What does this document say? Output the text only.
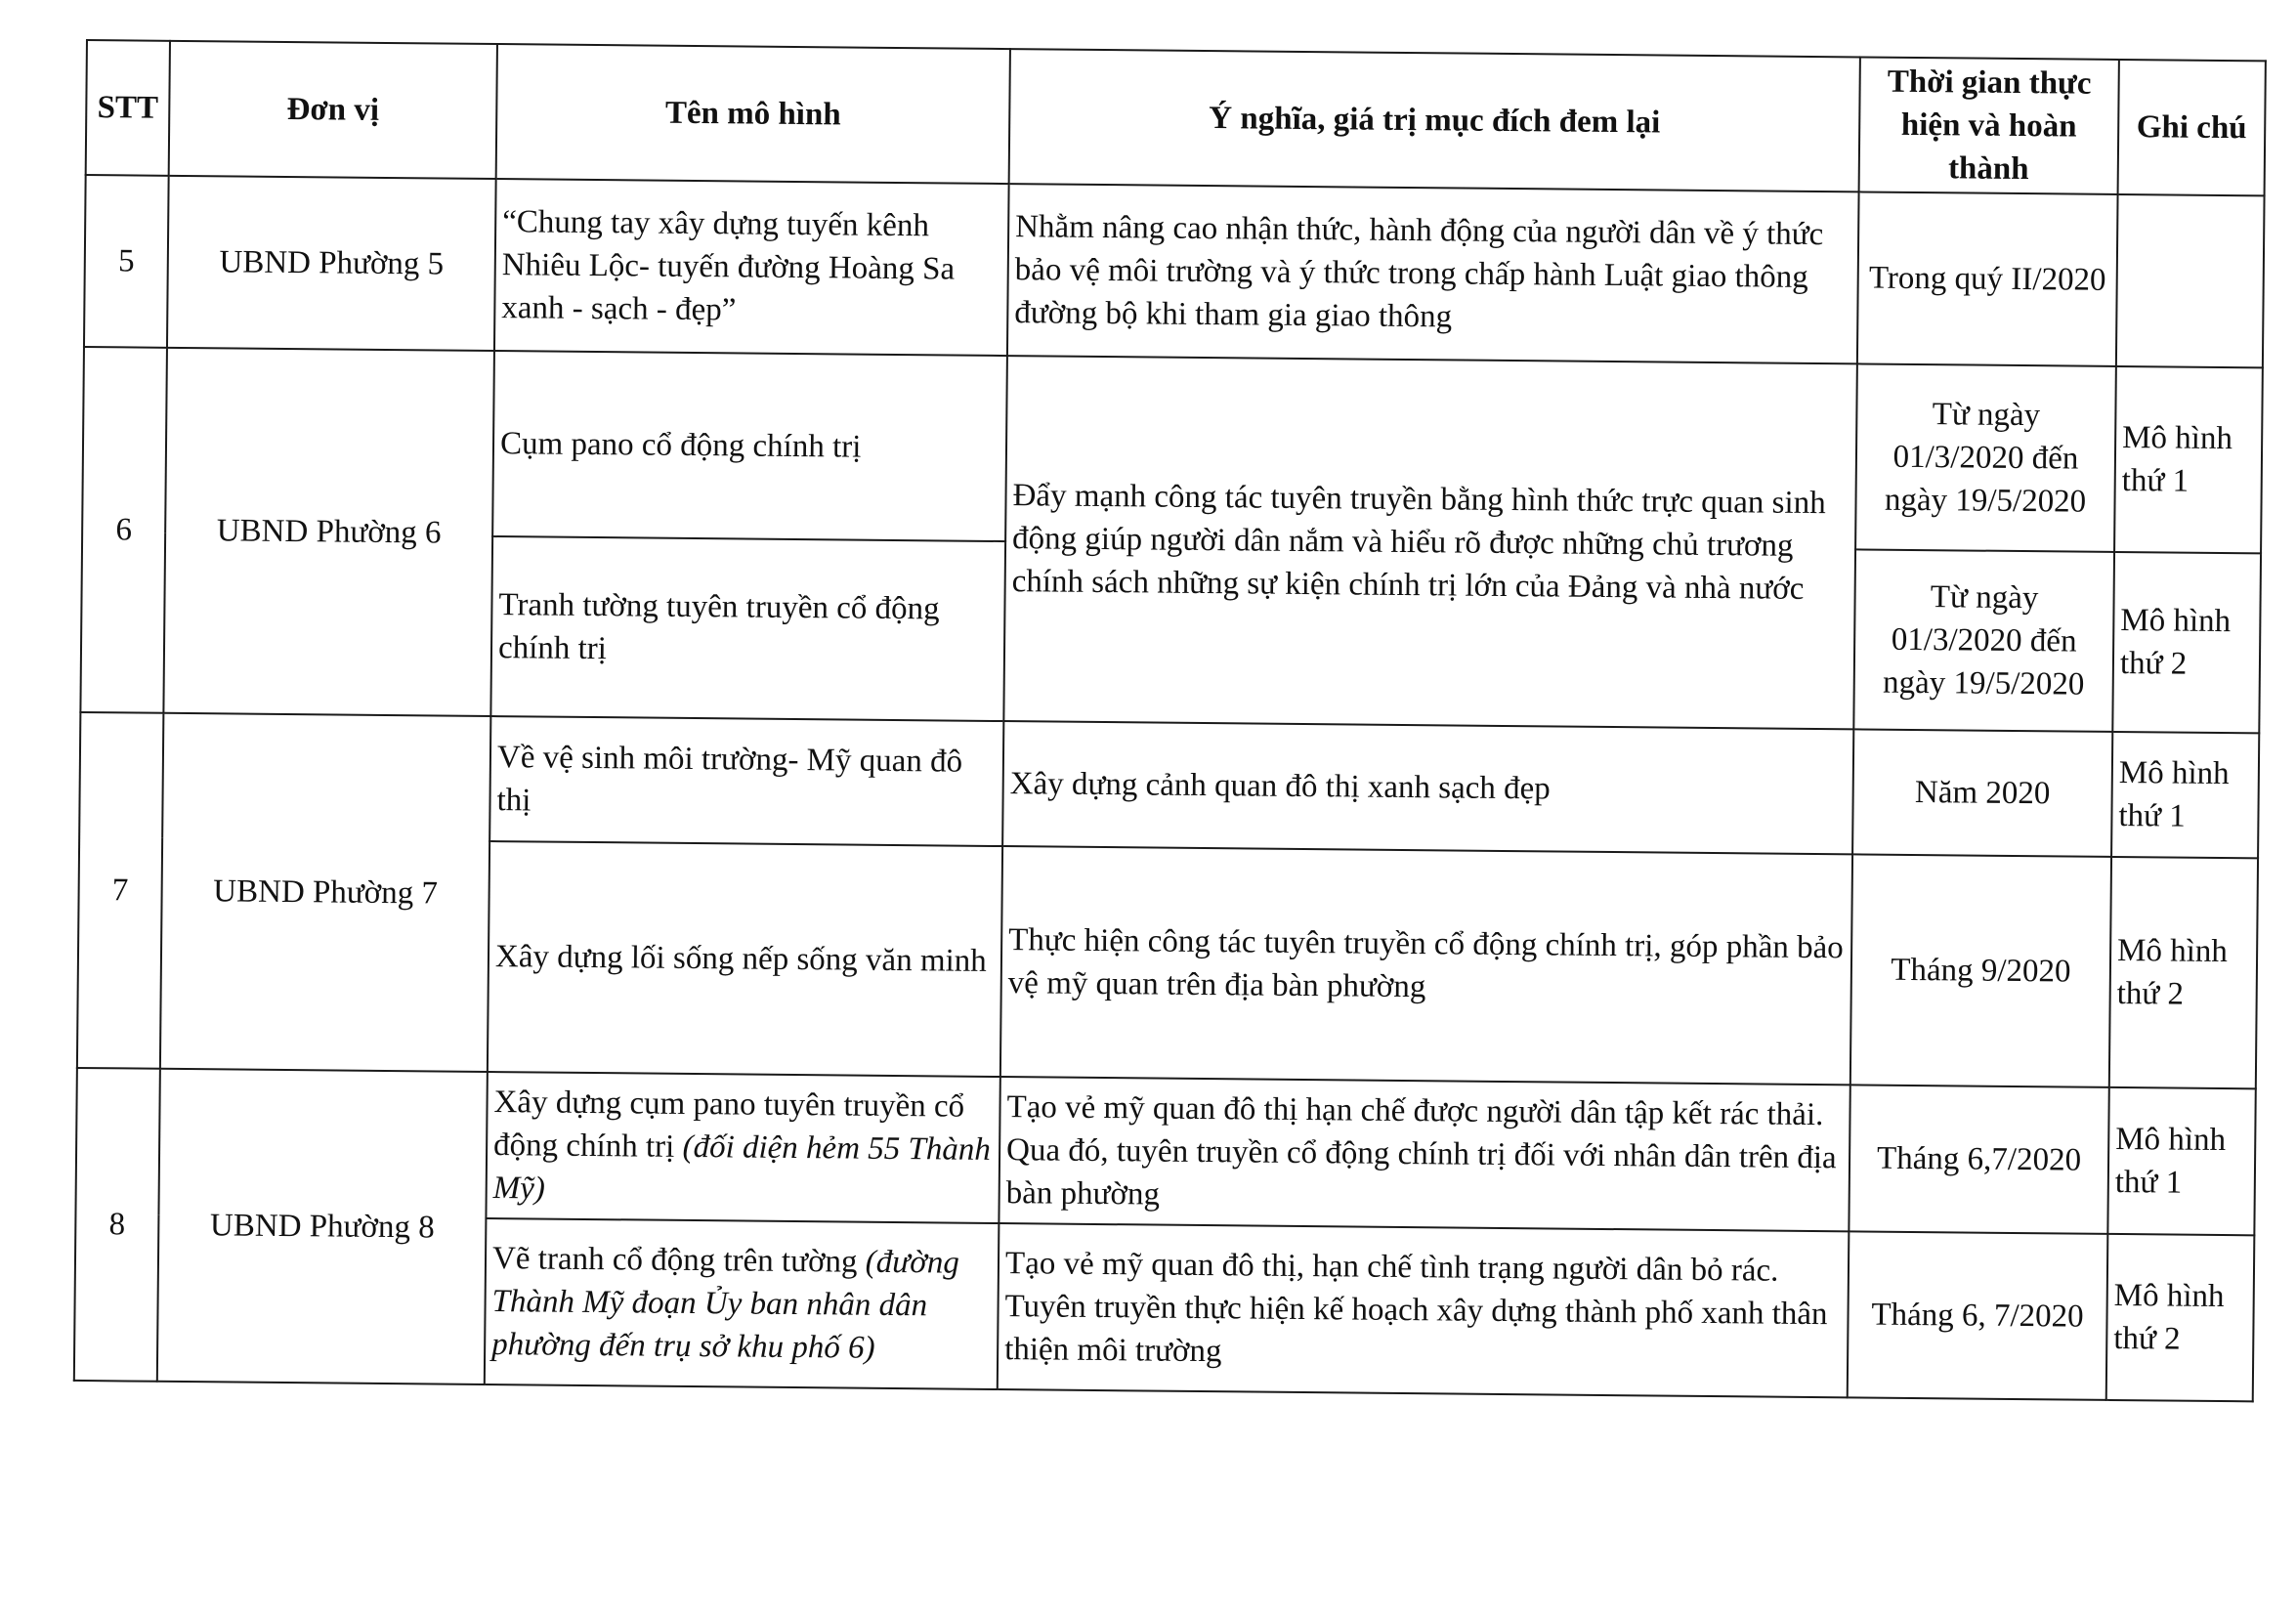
STT	Đơn vị	Tên mô hình	Ý nghĩa, giá trị mục đích đem lại	Thời gian thực hiện và hoàn thành	Ghi chú
5	UBND Phường 5	“Chung tay xây dựng tuyến kênh Nhiêu Lộc- tuyến đường Hoàng Sa xanh - sạch - đẹp”	Nhằm nâng cao nhận thức, hành động của người dân về ý thức bảo vệ môi trường và ý thức trong chấp hành Luật giao thông đường bộ khi tham gia giao thông	Trong quý II/2020	
6	UBND Phường 6	Cụm pano cổ động chính trị	Đẩy mạnh công tác tuyên truyền bằng hình thức trực quan sinh động giúp người dân nắm và hiểu rõ được những chủ trương chính sách những sự kiện chính trị lớn của Đảng và nhà nước	Từ ngày 01/3/2020 đến ngày 19/5/2020	Mô hình thứ 1
		Tranh tường tuyên truyền cổ động chính trị		Từ ngày 01/3/2020 đến ngày 19/5/2020	Mô hình thứ 2
7	UBND Phường 7	Về vệ sinh môi trường- Mỹ quan đô thị	Xây dựng cảnh quan đô thị xanh sạch đẹp	Năm 2020	Mô hình thứ 1
		Xây dựng lối sống nếp sống văn minh	Thực hiện công tác tuyên truyền cổ động chính trị, góp phần bảo vệ mỹ quan trên địa bàn phường	Tháng 9/2020	Mô hình thứ 2
8	UBND Phường 8	Xây dựng cụm pano tuyên truyền cổ động chính trị (đối diện hẻm 55 Thành Mỹ)	Tạo vẻ mỹ quan đô thị hạn chế được người dân tập kết rác thải. Qua đó, tuyên truyền cổ động chính trị đối với nhân dân trên địa bàn phường	Tháng 6,7/2020	Mô hình thứ 1
		Vẽ tranh cổ động trên tường (đường Thành Mỹ đoạn Ủy ban nhân dân phường đến trụ sở khu phố 6)	Tạo vẻ mỹ quan đô thị, hạn chế tình trạng người dân bỏ rác. Tuyên truyền thực hiện kế hoạch xây dựng thành phố xanh thân thiện môi trường	Tháng 6, 7/2020	Mô hình thứ 2
